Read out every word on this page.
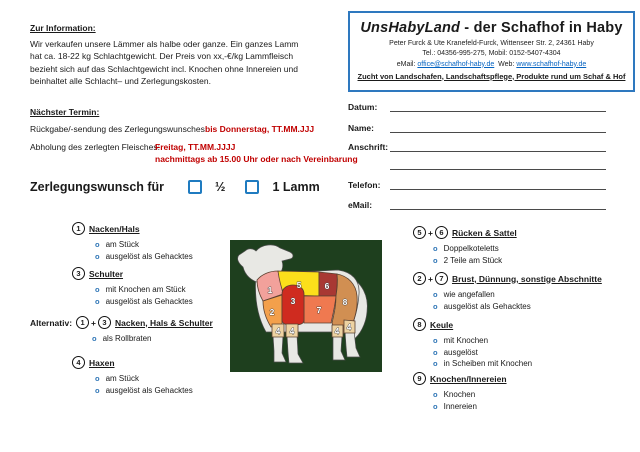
Zur Information:
Wir verkaufen unsere Lämmer als halbe oder ganze. Ein ganzes Lamm
hat ca. 18-22 kg Schlachtgewicht. Der Preis von xx,-€/kg Lammfleisch
bezieht sich auf das Schlachtgewicht incl. Knochen ohne Innereien und
beinhaltet alle Schlacht– und Zerlegungskosten.
UnsHabyLand - der Schafhof in Haby
Peter Furck & Ute Kranefeld-Furck, Wittenseer Str. 2, 24361 Haby
Tel.: 04356-995-275, Mobil: 0152-5407-4304
eMail: office@schafhof-haby.de Web: www.schafhof-haby.de
Zucht von Landschafen, Landschaftspflege, Produkte rund um Schaf & Hof
Nächster Termin:
Rückgabe/-sendung des Zerlegungswunsches:
bis Donnerstag, TT.MM.JJJ
Abholung des zerlegten Fleisches:
Freitag, TT.MM.JJJJ
nachmittags ab 15.00 Uhr oder nach Vereinbarung
Zerlegungswunsch für	½	1 Lamm
Datum:
Name:
Anschrift:
Telefon:
eMail:
1 Nacken/Hals
o am Stück
o ausgelöst als Gehacktes
3 Schulter
o mit Knochen am Stück
o ausgelöst als Gehacktes
Alternativ:	1 + 3 Nacken, Hals & Schulter
o als Rollbraten
4 Haxen
o am Stück
o ausgelöst als Gehacktes
5 + 6 Rücken & Sattel
o Doppelkoteletts
o 2 Teile am Stück
2 + 7 Brust, Dünnung, sonstige Abschnitte
o wie angefallen
o ausgelöst als Gehacktes
8 Keule
o mit Knochen
o ausgelöst
o in Scheiben mit Knochen
9 Knochen/Innereien
o Knochen
o Innereien
1
2
3
5	6
7
8
4 4	4 4
